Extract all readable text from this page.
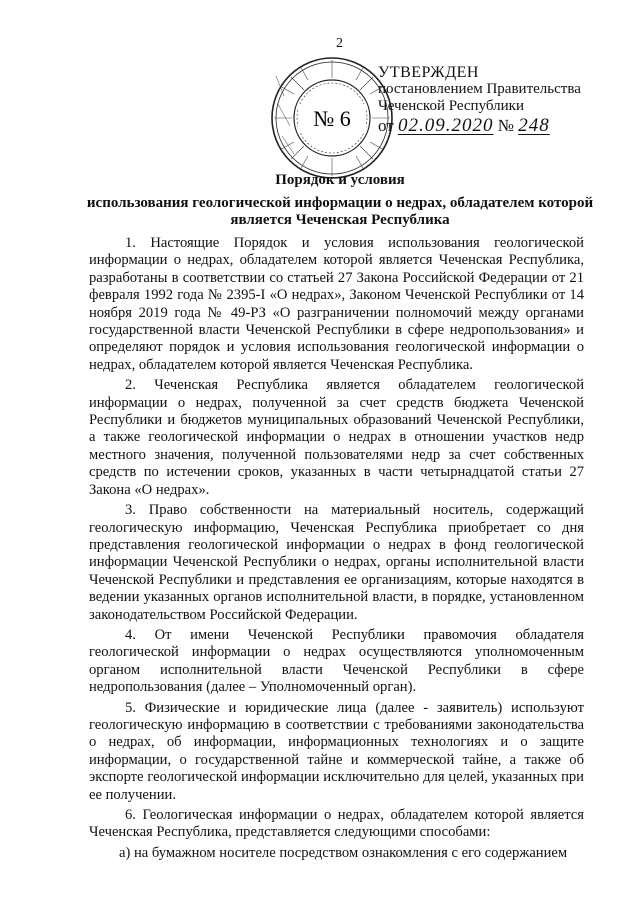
2
№ 6
УТВЕРЖДЕН
постановлением Правительства
Чеченской Республики
от 02.09.2020 № 248
Порядок и условия
использования геологической информации о недрах, обладателем которой является Чеченская Республика

1. Настоящие Порядок и условия использования геологической информации о недрах, обладателем которой является Чеченская Республика, разработаны в соответствии со статьей 27 Закона Российской Федерации от 21 февраля 1992 года № 2395-I «О недрах», Законом Чеченской Республики от 14 ноября 2019 года № 49-РЗ «О разграничении полномочий между органами государственной власти Чеченской Республики в сфере недропользования» и определяют порядок и условия использования геологической информации о недрах, обладателем которой является Чеченская Республика.

2. Чеченская Республика является обладателем геологической информации о недрах, полученной за счет средств бюджета Чеченской Республики и бюджетов муниципальных образований Чеченской Республики, а также геологической информации о недрах в отношении участков недр местного значения, полученной пользователями недр за счет собственных средств по истечении сроков, указанных в части четырнадцатой статьи 27 Закона «О недрах».

3. Право собственности на материальный носитель, содержащий геологическую информацию, Чеченская Республика приобретает со дня представления геологической информации о недрах в фонд геологической информации Чеченской Республики о недрах, органы исполнительной власти Чеченской Республики и представления ее организациям, которые находятся в ведении указанных органов исполнительной власти, в порядке, установленном законодательством Российской Федерации.

4. От имени Чеченской Республики правомочия обладателя геологической информации о недрах осуществляются уполномоченным органом исполнительной власти Чеченской Республики в сфере недропользования (далее – Уполномоченный орган).

5. Физические и юридические лица (далее - заявитель) используют геологическую информацию в соответствии с требованиями законодательства о недрах, об информации, информационных технологиях и о защите информации, о государственной тайне и коммерческой тайне, а также об экспорте геологической информации исключительно для целей, указанных при ее получении.

6. Геологическая информации о недрах, обладателем которой является Чеченская Республика, представляется следующими способами:

а) на бумажном носителе посредством ознакомления с его содержанием
